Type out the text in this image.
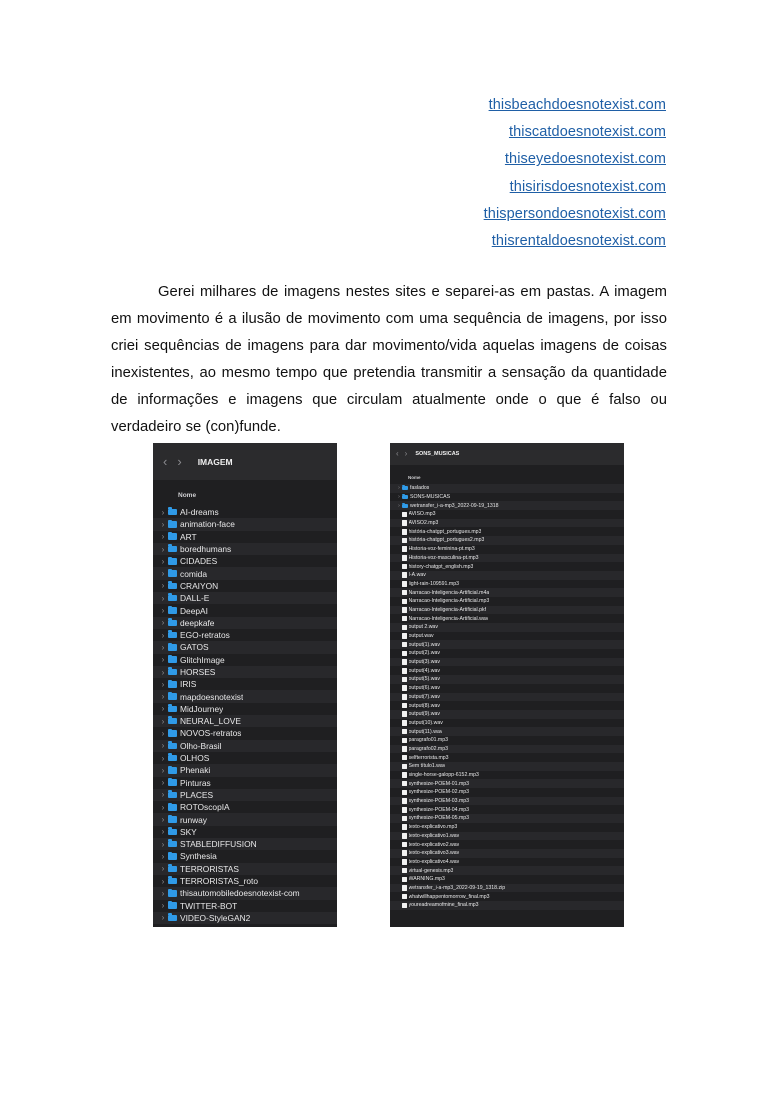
thisbeachdoesnotexist.com
thiscatdoesnotexist.com
thiseyedoesnotexist.com
thisirisdoesnotexist.com
thispersondoesnotexist.com
thisrentaldoesnotexist.com

Gerei milhares de imagens nestes sites e separei-as em pastas. A imagem em movimento é a ilusão de movimento com uma sequência de imagens, por isso criei sequências de imagens para dar movimento/vida aquelas imagens de coisas inexistentes, ao mesmo tempo que pretendia transmitir a sensação da quantidade de informações e imagens que circulam atualmente onde o que é falso ou verdadeiro se (con)funde.

‹ › IMAGEM
Nome
›	AI-dreams
›	animation-face
›	ART
›	boredhumans
›	CIDADES
›	comida
›	CRAIYON
›	DALL-E
›	DeepAI
›	deepkafe
›	EGO-retratos
›	GATOS
›	GlitchImage
›	HORSES
›	IRIS
›	mapdoesnotexist
›	MidJourney
›	NEURAL_LOVE
›	NOVOS-retratos
›	Olho-Brasil
›	OLHOS
›	Phenaki
›	Pinturas
›	PLACES
›	ROTOscopIA
›	runway
›	SKY
›	STABLEDIFFUSION
›	Synthesia
›	TERRORISTAS
›	TERRORISTAS_roto
›	thisautomobiledoesnotexist-com
›	TWITTER-BOT
›	VIDEO-StyleGAN2
‹ › SONS_MUSICAS
Nome
›	faslados
›	SONS-MUSICAS
›	wetransfer_i-a-mp3_2022-09-19_1318
AVISO.mp3
AVISO2.mp3
história-chatgpt_portugues.mp3
história-chatgpt_portugues2.mp3
Historia-voz-feminina-pt.mp3
Historia-voz-masculina-pt.mp3
history-chatgpt_english.mp3
I-A.wav
light-rain-109591.mp3
Narracao-Inteligencia-Artificial.m4a
Narracao-Inteligencia-Artificial.mp3
Narracao-Inteligencia-Artificial.pkf
Narracao-Inteligencia-Artificial.wav
output 2.wav
output.wav
output(1).wav
output(2).wav
output(3).wav
output(4).wav
output(5).wav
output(6).wav
output(7).wav
output(8).wav
output(9).wav
output(10).wav
output(11).wav
paragrafo01.mp3
paragrafo02.mp3
selfterrorista.mp3
Sem título1.wav
single-horse-galopp-6152.mp3
synthesize-POEM-01.mp3
synthesize-POEM-02.mp3
synthesize-POEM-03.mp3
synthesize-POEM-04.mp3
synthesize-POEM-05.mp3
texto-explicativo.mp3
texto-explicativo1.wav
texto-explicativo2.wav
texto-explicativo3.wav
texto-explicativo4.wav
virtual-genesis.mp3
WARNING.mp3
wetransfer_i-a-mp3_2022-09-19_1318.zip
whatwillhappentomorrow_final.mp3
youreadreamofmine_final.mp3
